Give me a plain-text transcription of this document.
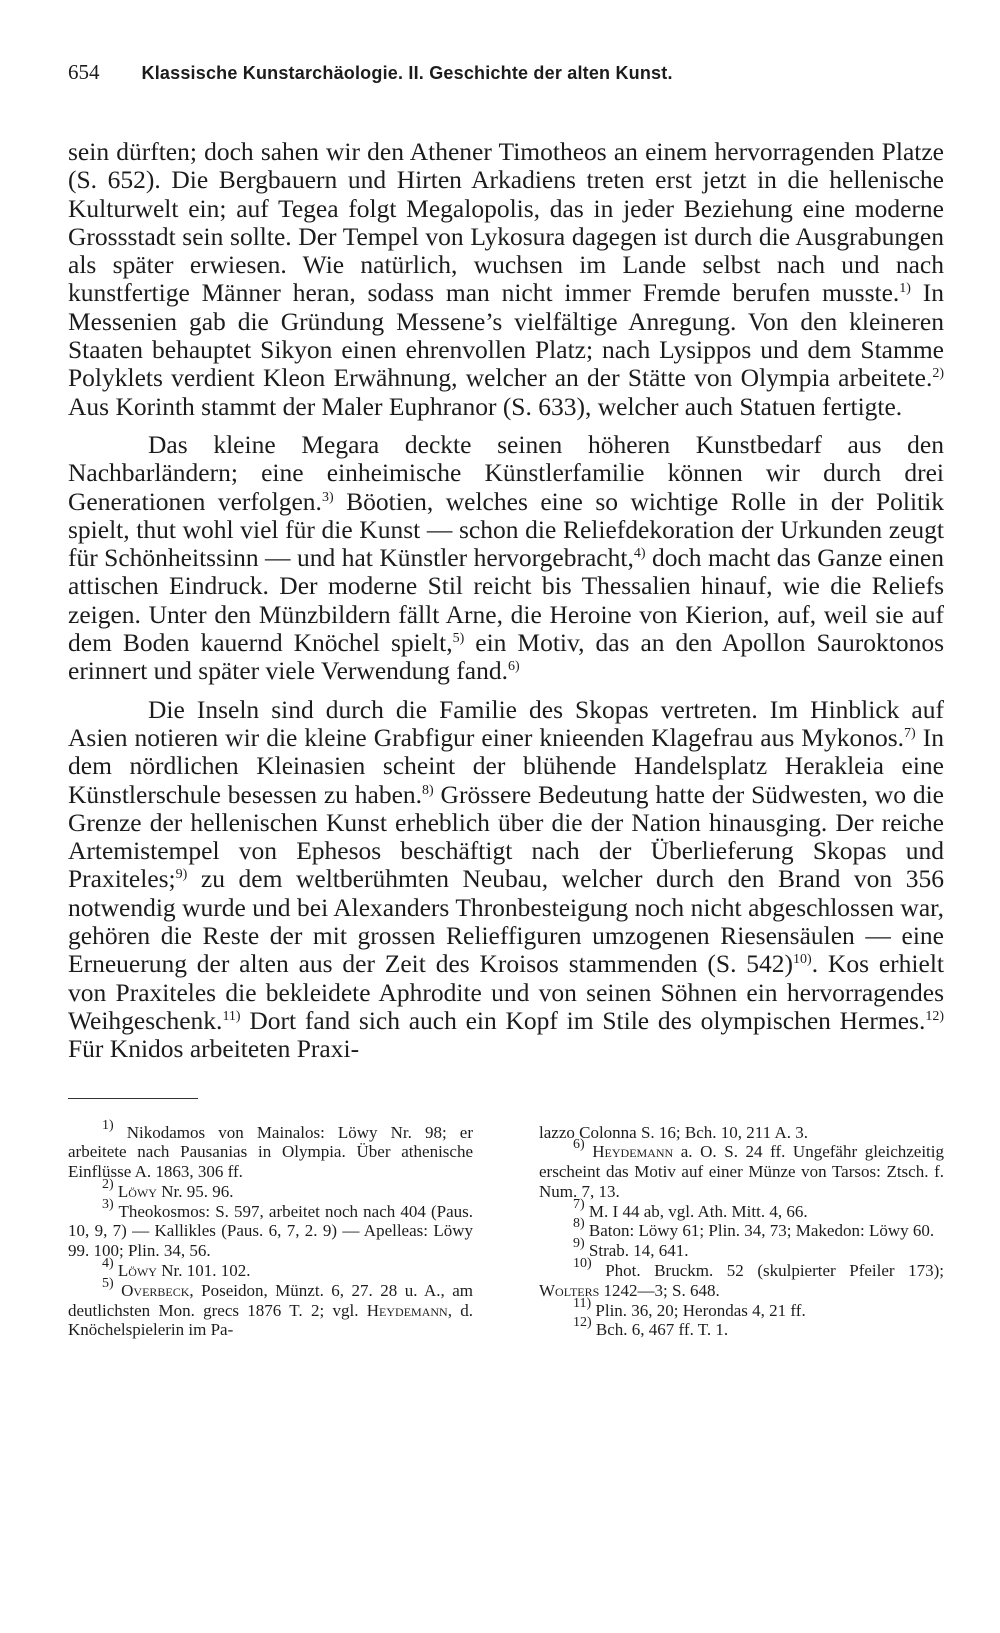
654 Klassische Kunstarchäologie. II. Geschichte der alten Kunst.

sein dürften; doch sahen wir den Athener Timotheos an einem hervorragenden Platze (S. 652). Die Bergbauern und Hirten Arkadiens treten erst jetzt in die hellenische Kulturwelt ein; auf Tegea folgt Megalopolis, das in jeder Beziehung eine moderne Grossstadt sein sollte. Der Tempel von Lykosura dagegen ist durch die Ausgrabungen als später erwiesen. Wie natürlich, wuchsen im Lande selbst nach und nach kunstfertige Männer heran, sodass man nicht immer Fremde berufen musste.$^{1)}$ In Messenien gab die Gründung Messene’s vielfältige Anregung. Von den kleineren Staaten behauptet Sikyon einen ehrenvollen Platz; nach Lysippos und dem Stamme Polyklets verdient Kleon Erwähnung, welcher an der Stätte von Olympia arbeitete.$^{2)}$ Aus Korinth stammt der Maler Euphranor (S. 633), welcher auch Statuen fertigte.

Das kleine Megara deckte seinen höheren Kunstbedarf aus den Nachbarländern; eine einheimische Künstlerfamilie können wir durch drei Generationen verfolgen.$^{3)}$ Böotien, welches eine so wichtige Rolle in der Politik spielt, thut wohl viel für die Kunst — schon die Reliefdekoration der Urkunden zeugt für Schönheitssinn — und hat Künstler hervorgebracht,$^{4)}$ doch macht das Ganze einen attischen Eindruck. Der moderne Stil reicht bis Thessalien hinauf, wie die Reliefs zeigen. Unter den Münzbildern fällt Arne, die Heroine von Kierion, auf, weil sie auf dem Boden kauernd Knöchel spielt,$^{5)}$ ein Motiv, das an den Apollon Sauroktonos erinnert und später viele Verwendung fand.$^{6)}$

Die Inseln sind durch die Familie des Skopas vertreten. Im Hinblick auf Asien notieren wir die kleine Grabfigur einer knieenden Klagefrau aus Mykonos.$^{7)}$ In dem nördlichen Kleinasien scheint der blühende Handelsplatz Herakleia eine Künstlerschule besessen zu haben.$^{8)}$ Grössere Bedeutung hatte der Südwesten, wo die Grenze der hellenischen Kunst erheblich über die der Nation hinausging. Der reiche Artemistempel von Ephesos beschäftigt nach der Überlieferung Skopas und Praxiteles;$^{9)}$ zu dem weltberühmten Neubau, welcher durch den Brand von 356 notwendig wurde und bei Alexanders Thronbesteigung noch nicht abgeschlossen war, gehören die Reste der mit grossen Relieffiguren umzogenen Riesensäulen — eine Erneuerung der alten aus der Zeit des Kroisos stammenden (S. 542)$^{10)}$. Kos erhielt von Praxiteles die bekleidete Aphrodite und von seinen Söhnen ein hervorragendes Weihgeschenk.$^{11)}$ Dort fand sich auch ein Kopf im Stile des olympischen Hermes.$^{12)}$ Für Knidos arbeiteten Praxi-

$^{1)}$ Nikodamos von Mainalos: Löwy Nr. 98; er arbeitete nach Pausanias in Olympia. Über athenische Einflüsse A. 1863, 306 ff.

$^{2)}$ Löwy Nr. 95. 96.

$^{3)}$ Theokosmos: S. 597, arbeitet noch nach 404 (Paus. 10, 9, 7) — Kallikles (Paus. 6, 7, 2. 9) — Apelleas: Löwy 99. 100; Plin. 34, 56.

$^{4)}$ Löwy Nr. 101. 102.

$^{5)}$ Overbeck, Poseidon, Münzt. 6, 27. 28 u. A., am deutlichsten Mon. grecs 1876 T. 2; vgl. Heydemann, d. Knöchelspielerin im Pa-

lazzo Colonna S. 16; Bch. 10, 211 A. 3.

$^{6)}$ Heydemann a. O. S. 24 ff. Ungefähr gleichzeitig erscheint das Motiv auf einer Münze von Tarsos: Ztsch. f. Num. 7, 13.

$^{7)}$ M. I 44 ab, vgl. Ath. Mitt. 4, 66.

$^{8)}$ Baton: Löwy 61; Plin. 34, 73; Makedon: Löwy 60.

$^{9)}$ Strab. 14, 641.

$^{10)}$ Phot. Bruckm. 52 (skulpierter Pfeiler 173); Wolters 1242—3; S. 648.

$^{11)}$ Plin. 36, 20; Herondas 4, 21 ff.

$^{12)}$ Bch. 6, 467 ff. T. 1.
